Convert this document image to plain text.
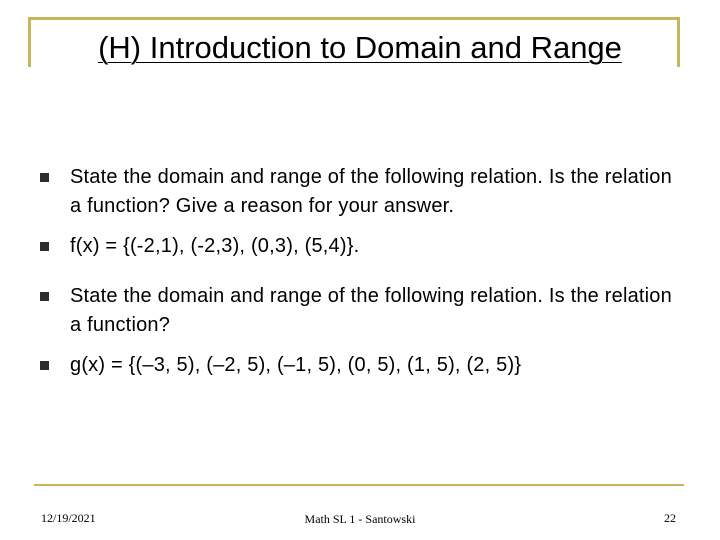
(H) Introduction to Domain and Range
State the domain and range of the following relation. Is the relation a function? Give a reason for your answer.
f(x) = {(-2,1), (-2,3), (0,3), (5,4)}.
State the domain and range of the following relation. Is the relation a function?
g(x) = {(–3, 5), (–2, 5), (–1, 5), (0, 5), (1, 5), (2, 5)}
12/19/2021	Math SL 1 - Santowski	22
